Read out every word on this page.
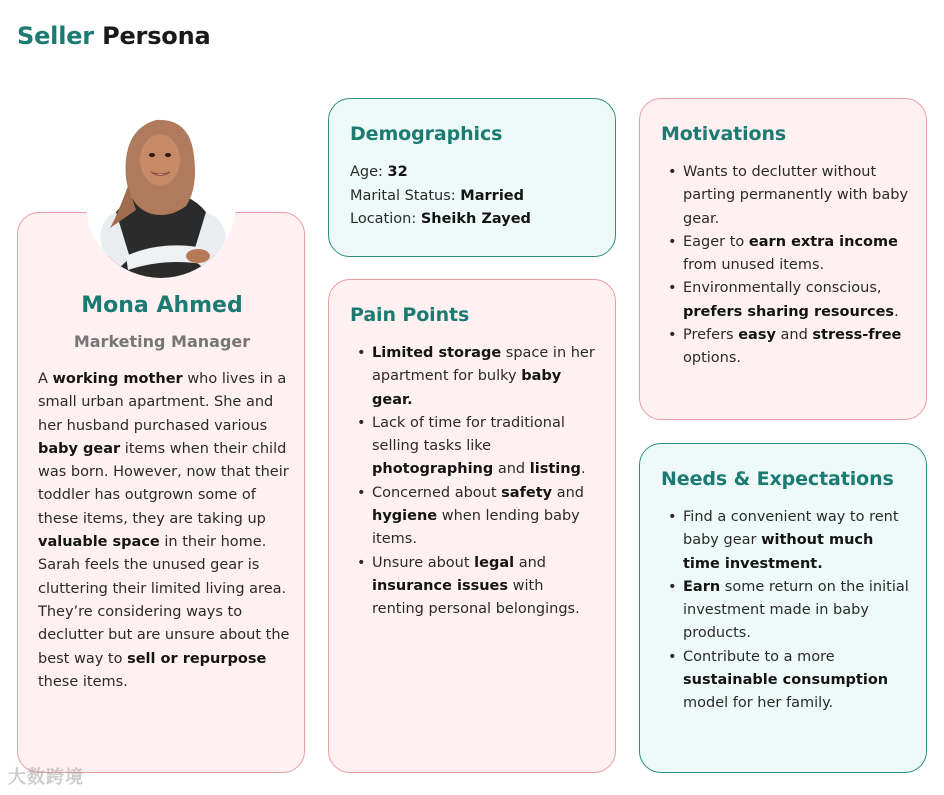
Seller Persona
Mona Ahmed
Marketing Manager
A working mother who lives in a small urban apartment. She and her husband purchased various baby gear items when their child was born. However, now that their toddler has outgrown some of these items, they are taking up valuable space in their home. Sarah feels the unused gear is cluttering their limited living area. They’re considering ways to declutter but are unsure about the best way to sell or repurpose these items.
Demographics
Age: 32
Marital Status: Married
Location: Sheikh Zayed
Pain Points
• Limited storage space in her apartment for bulky baby gear.
• Lack of time for traditional selling tasks like photographing and listing.
• Concerned about safety and hygiene when lending baby items.
• Unsure about legal and insurance issues with renting personal belongings.
Motivations
• Wants to declutter without parting permanently with baby gear.
• Eager to earn extra income from unused items.
• Environmentally conscious, prefers sharing resources.
• Prefers easy and stress-free options.
Needs & Expectations
• Find a convenient way to rent baby gear without much time investment.
• Earn some return on the initial investment made in baby products.
• Contribute to a more sustainable consumption model for her family.
大数跨境
